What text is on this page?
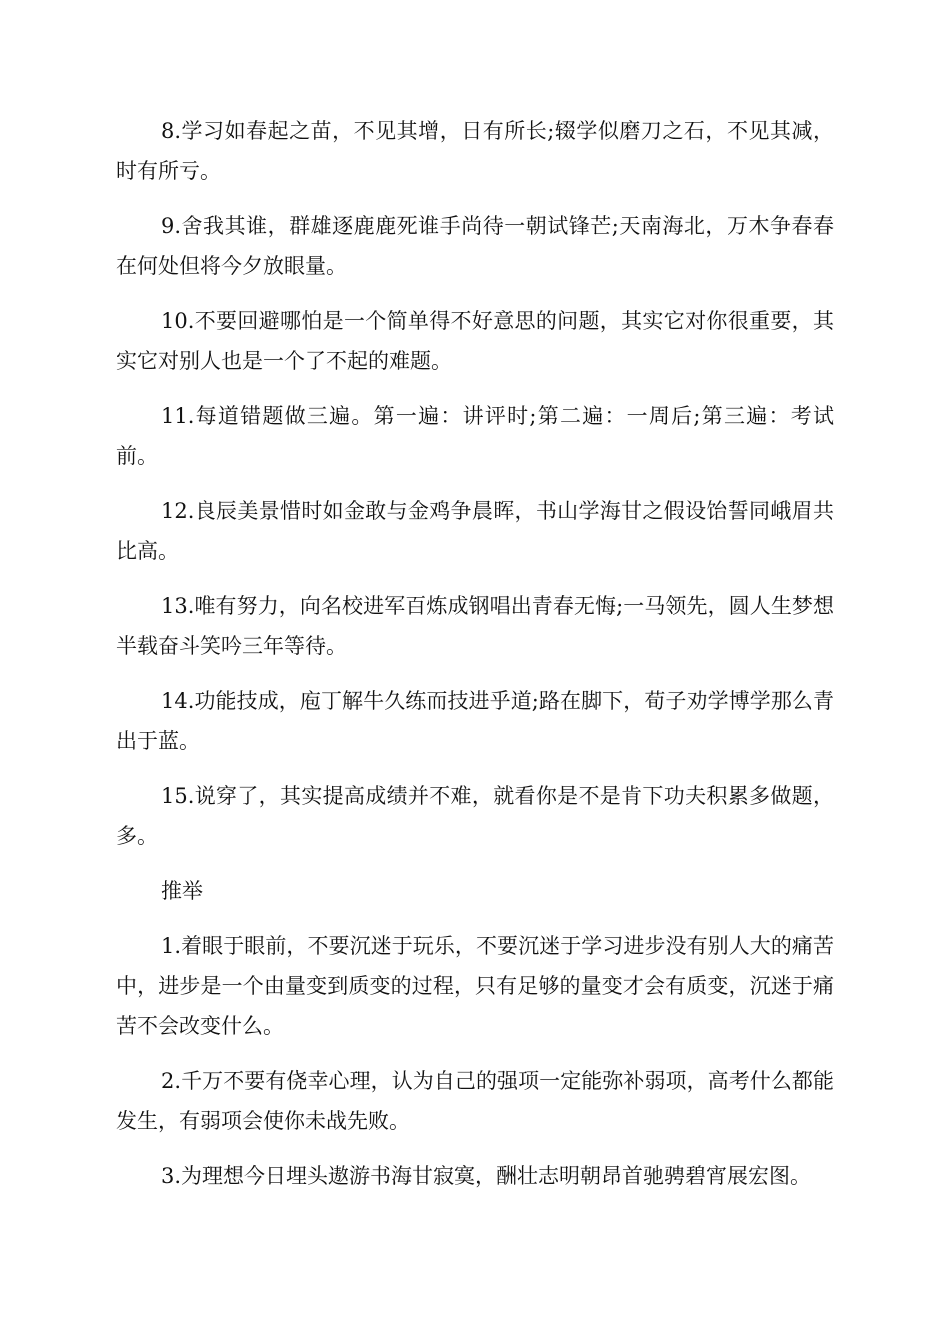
8.学习如春起之苗，不见其增，日有所长;辍学似磨刀之石，不见其减，时有所亏。

9.舍我其谁，群雄逐鹿鹿死谁手尚待一朝试锋芒;天南海北，万木争春春在何处但将今夕放眼量。

10.不要回避哪怕是一个简单得不好意思的问题，其实它对你很重要，其实它对别人也是一个了不起的难题。

11.每道错题做三遍。第一遍：讲评时;第二遍：一周后;第三遍：考试前。

12.良辰美景惜时如金敢与金鸡争晨晖，书山学海甘之假设饴誓同峨眉共比高。

13.唯有努力，向名校进军百炼成钢唱出青春无悔;一马领先，圆人生梦想半载奋斗笑吟三年等待。

14.功能技成，庖丁解牛久练而技进乎道;路在脚下，荀子劝学博学那么青出于蓝。

15.说穿了，其实提高成绩并不难，就看你是不是肯下功夫积累多做题，多。

推举

1.着眼于眼前，不要沉迷于玩乐，不要沉迷于学习进步没有别人大的痛苦中，进步是一个由量变到质变的过程，只有足够的量变才会有质变，沉迷于痛苦不会改变什么。

2.千万不要有侥幸心理，认为自己的强项一定能弥补弱项，高考什么都能发生，有弱项会使你未战先败。

3.为理想今日埋头遨游书海甘寂寞，酬壮志明朝昂首驰骋碧宵展宏图。
